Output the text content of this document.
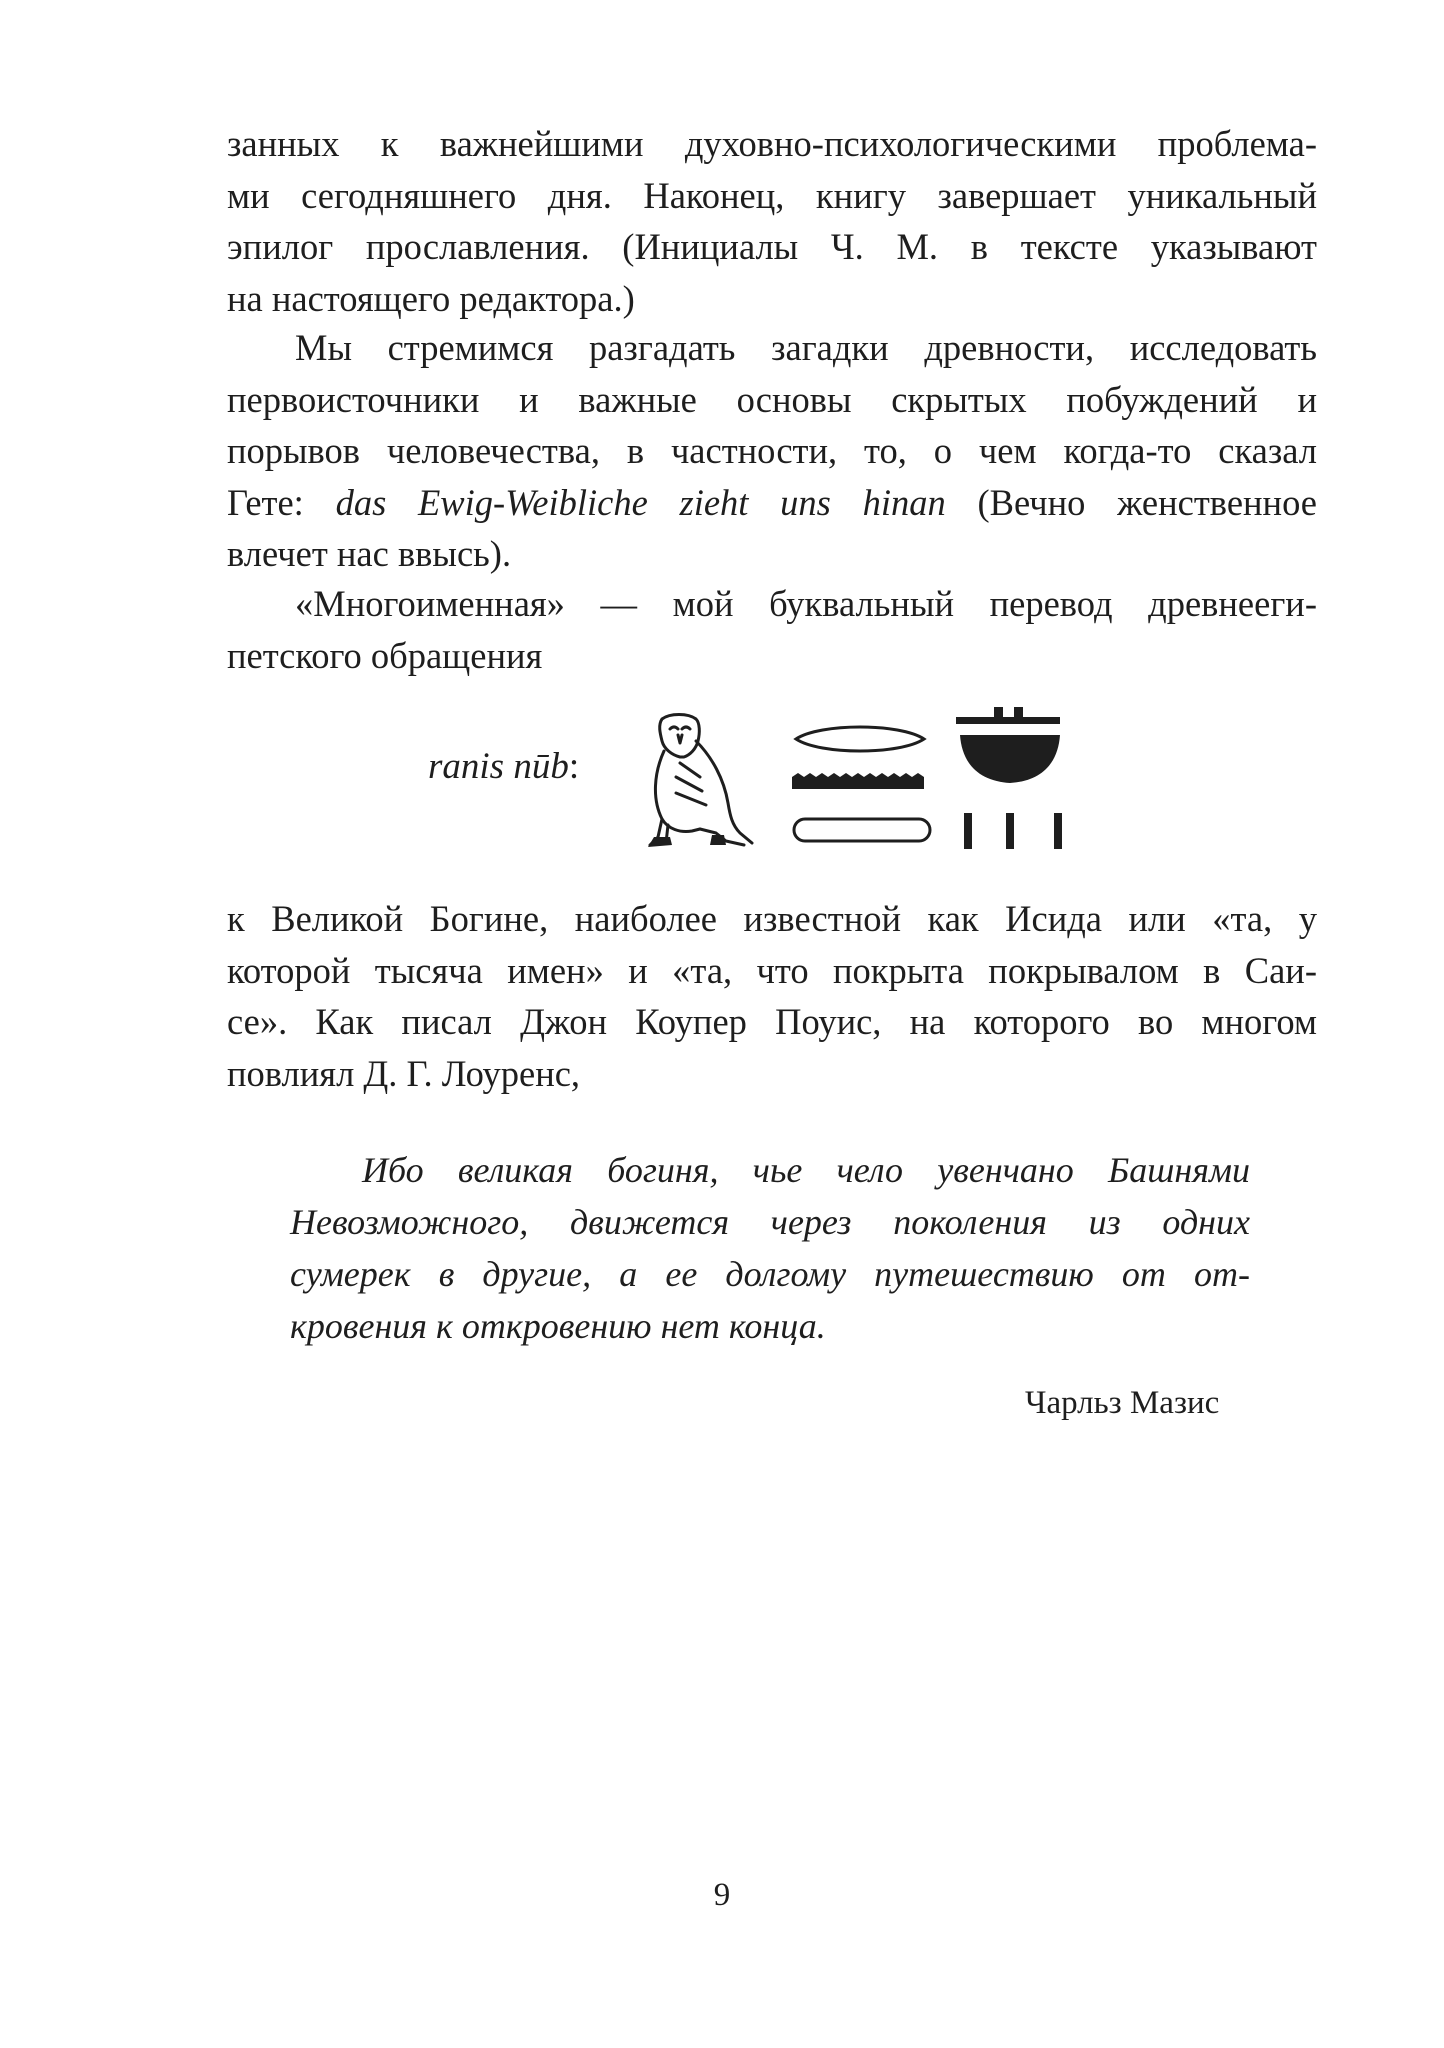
занных к важнейшими духовно-психологическими проблема-
ми сегодняшнего дня. Наконец, книгу завершает уникальный
эпилог прославления. (Инициалы Ч. М. в тексте указывают
на настоящего редактора.)
Мы стремимся разгадать загадки древности, исследовать
первоисточники и важные основы скрытых побуждений и
порывов человечества, в частности, то, о чем когда-то сказал
Гете: das Ewig-Weibliche zieht uns hinan (Вечно женственное
влечет нас ввысь).
«Многоименная» — мой буквальный перевод древнееги-
петского обращения
ranis nūb:
к Великой Богине, наиболее известной как Исида или «та, у
которой тысяча имен» и «та, что покрыта покрывалом в Саи-
се». Как писал Джон Коупер Поуис, на которого во многом
повлиял Д. Г. Лоуренс,
Ибо великая богиня, чье чело увенчано Башнями
Невозможного, движется через поколения из одних
сумерек в другие, а ее долгому путешествию от от-
кровения к откровению нет конца.
Чарльз Мазис
9
